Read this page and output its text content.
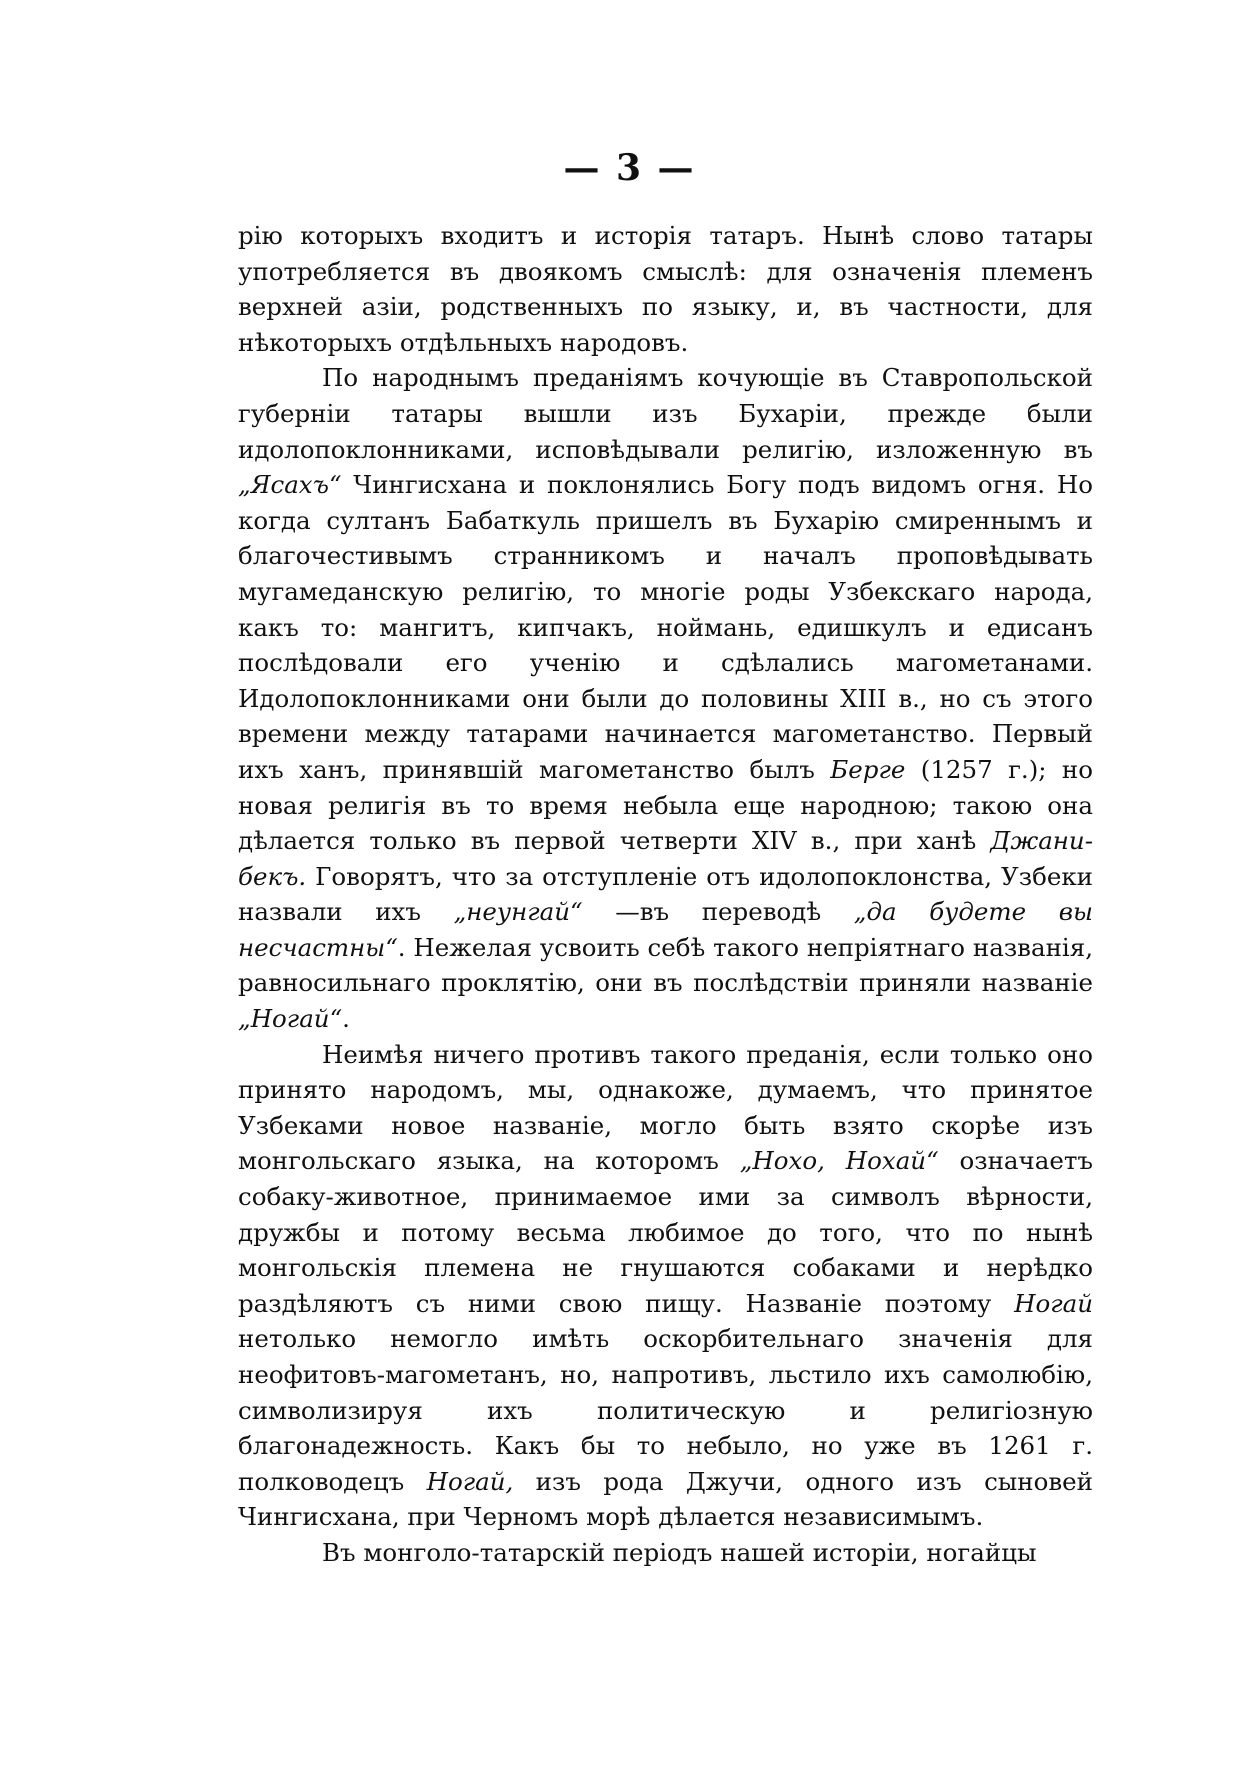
— 3 —

рію которыхъ входитъ и исторія татаръ. Нынѣ слово татары употребляется въ двоякомъ смыслѣ: для означенія племенъ верхней азіи, родственныхъ по языку, и, въ частности, для нѣкоторыхъ отдѣльныхъ народовъ.

По народнымъ преданіямъ кочующіе въ Ставропольской губерніи татары вышли изъ Бухаріи, прежде были идолопоклонниками, исповѣдывали религію, изложенную въ „Ясахъ“ Чингисхана и поклонялись Богу подъ видомъ огня. Но когда султанъ Бабаткуль пришелъ въ Бухарію смиреннымъ и благочестивымъ странникомъ и началъ проповѣдывать мугамеданскую религію, то многіе роды Узбекскаго народа, какъ то: мангитъ, кипчакъ, ноймань, едишкулъ и едисанъ послѣдовали его ученію и сдѣлались магометанами. Идолопоклонниками они были до половины XIII в., но съ этого времени между татарами начинается магометанство. Первый ихъ ханъ, принявшій магометанство былъ Берге (1257 г.); но новая религія въ то время небыла еще народною; такою она дѣлается только въ первой четверти XIV в., при ханѣ Джани-бекъ. Говорятъ, что за отступленіе отъ идолопоклонства, Узбеки назвали ихъ „неунгай“ —въ переводѣ „да будете вы несчастны“. Нежелая усвоить себѣ такого непріятнаго названія, равносильнаго проклятію, они въ послѣдствіи приняли названіе „Ногай“.

Неимѣя ничего противъ такого преданія, если только оно принято народомъ, мы, однакоже, думаемъ, что принятое Узбеками новое названіе, могло быть взято скорѣе изъ монгольскаго языка, на которомъ „Нохо, Нохай“ означаетъ собаку-животное, принимаемое ими за символъ вѣрности, дружбы и потому весьма любимое до того, что по нынѣ монгольскія племена не гнушаются собаками и нерѣдко раздѣляютъ съ ними свою пищу. Названіе поэтому Ногай нетолько немогло имѣть оскорбительнаго значенія для неофитовъ-магометанъ, но, напротивъ, льстило ихъ самолюбію, символизируя ихъ политическую и религіозную благонадежность. Какъ бы то небыло, но уже въ 1261 г. полководецъ Ногай, изъ рода Джучи, одного изъ сыновей Чингисхана, при Черномъ морѣ дѣлается независимымъ.

Въ монголо-татарскій періодъ нашей исторіи, ногайцы
